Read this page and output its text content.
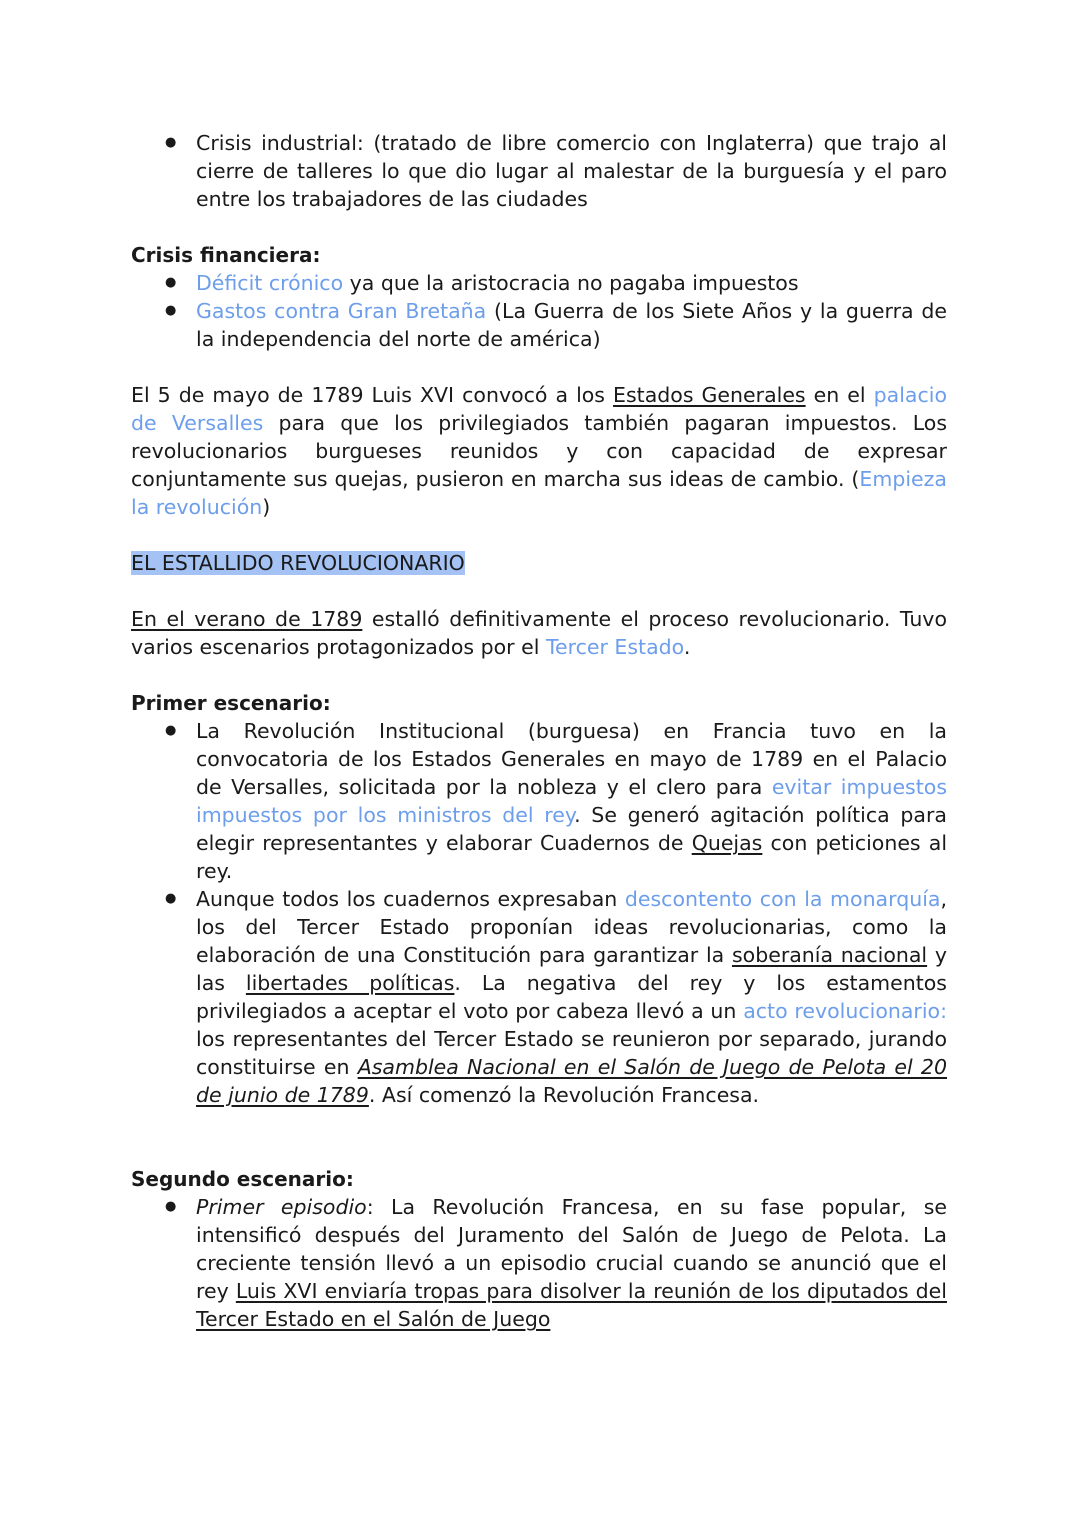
● Crisis industrial: (tratado de libre comercio con Inglaterra) que trajo al cierre de talleres lo que dio lugar al malestar de la burguesía y el paro entre los trabajadores de las ciudades
Crisis financiera:
● Déficit crónico ya que la aristocracia no pagaba impuestos
● Gastos contra Gran Bretaña (La Guerra de los Siete Años y la guerra de la independencia del norte de américa)

El 5 de mayo de 1789 Luis XVI convocó a los Estados Generales en el palacio de Versalles para que los privilegiados también pagaran impuestos. Los revolucionarios burgueses reunidos y con capacidad de expresar conjuntamente sus quejas, pusieron en marcha sus ideas de cambio. (Empieza la revolución)

EL ESTALLIDO REVOLUCIONARIO

En el verano de 1789 estalló definitivamente el proceso revolucionario. Tuvo varios escenarios protagonizados por el Tercer Estado.

Primer escenario:
● La Revolución Institucional (burguesa) en Francia tuvo en la convocatoria de los Estados Generales en mayo de 1789 en el Palacio de Versalles, solicitada por la nobleza y el clero para evitar impuestos impuestos por los ministros del rey. Se generó agitación política para elegir representantes y elaborar Cuadernos de Quejas con peticiones al rey.
● Aunque todos los cuadernos expresaban descontento con la monarquía, los del Tercer Estado proponían ideas revolucionarias, como la elaboración de una Constitución para garantizar la soberanía nacional y las libertades políticas. La negativa del rey y los estamentos privilegiados a aceptar el voto por cabeza llevó a un acto revolucionario: los representantes del Tercer Estado se reunieron por separado, jurando constituirse en Asamblea Nacional en el Salón de Juego de Pelota el 20 de junio de 1789. Así comenzó la Revolución Francesa.
Segundo escenario:
● Primer episodio: La Revolución Francesa, en su fase popular, se intensificó después del Juramento del Salón de Juego de Pelota. La creciente tensión llevó a un episodio crucial cuando se anunció que el rey Luis XVI enviaría tropas para disolver la reunión de los diputados del Tercer Estado en el Salón de Juego
